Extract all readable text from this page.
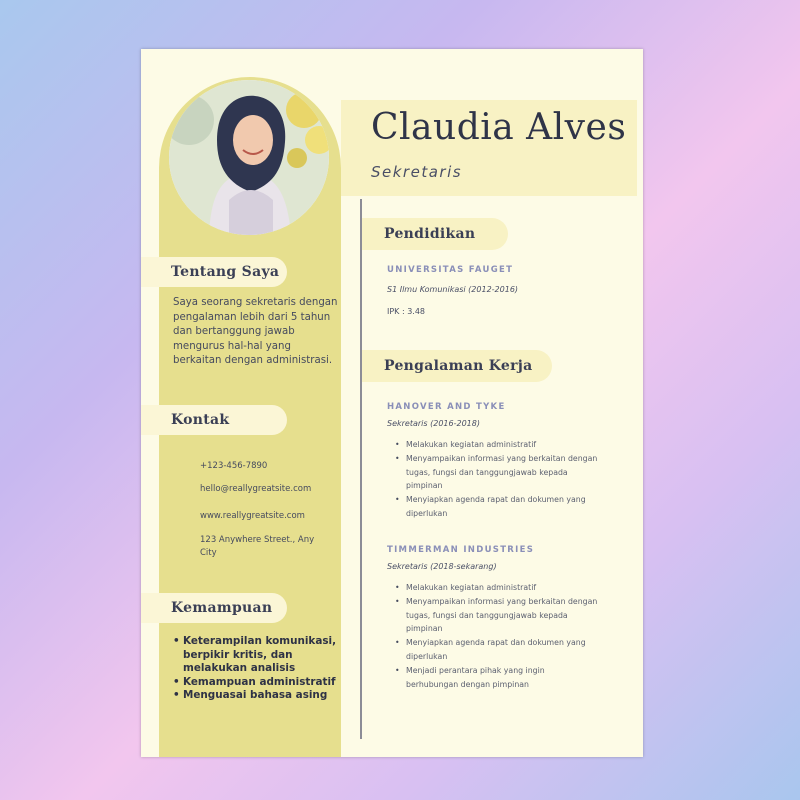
Tentang Saya
Saya seorang sekretaris dengan pengalaman lebih dari 5 tahun dan bertanggung jawab mengurus hal-hal yang berkaitan dengan administrasi.
Kontak
+123-456-7890
hello@reallygreatsite.com
www.reallygreatsite.com
123 Anywhere Street., Any City
Kemampuan
• Keterampilan komunikasi, berpikir kritis, dan melakukan analisis
• Kemampuan administratif
• Menguasai bahasa asing
Claudia Alves
Sekretaris
Pendidikan
UNIVERSITAS FAUGET
S1 Ilmu Komunikasi (2012-2016)
IPK : 3.48
Pengalaman Kerja
HANOVER AND TYKE
Sekretaris (2016-2018)
• Melakukan kegiatan administratif
• Menyampaikan informasi yang berkaitan dengan tugas, fungsi dan tanggungjawab kepada pimpinan
• Menyiapkan agenda rapat dan dokumen yang diperlukan
TIMMERMAN INDUSTRIES
Sekretaris (2018-sekarang)
• Melakukan kegiatan administratif
• Menyampaikan informasi yang berkaitan dengan tugas, fungsi dan tanggungjawab kepada pimpinan
• Menyiapkan agenda rapat dan dokumen yang diperlukan
• Menjadi perantara pihak yang ingin berhubungan dengan pimpinan
